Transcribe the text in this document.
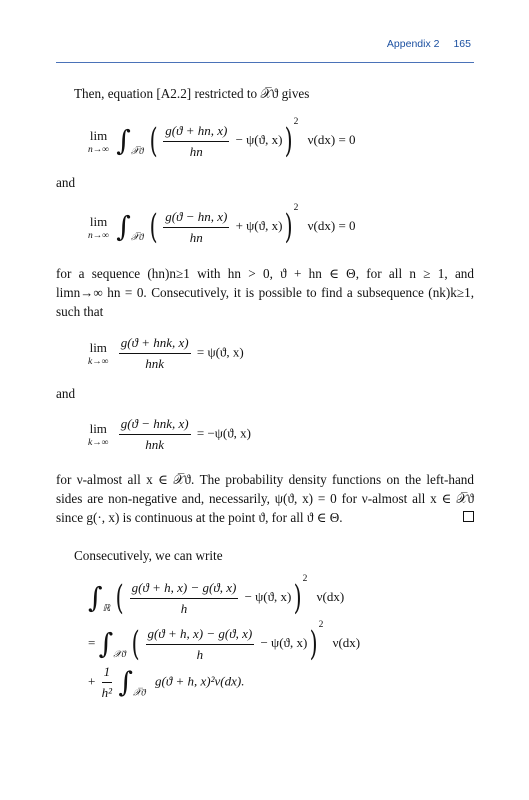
Appendix 2 165
Then, equation [A2.2] restricted to 𝒳̅ϑ gives
lim
n→∞ $\int_{𝒳̅ϑ}$ ( $\frac{g(ϑ + hn, x)}{hn} - \psi(ϑ$, x))$^2$ ν(dx) = 0
and
lim
n→∞ $\int_{𝒳̅ϑ}$ ( $\frac{g(ϑ - hn, x)}{hn} + \psi(ϑ$, x))$^2$ ν(dx) = 0
for a sequence (hn)n≥1 with hn > 0, ϑ + hn ∈ Θ, for all n ≥ 1, and
limn→∞ hn = 0. Consecutively, it is possible to find a subsequence (nk)k≥1,
such that
lim
k→∞
$\frac{\text{g(ϑ + hnk, x)}}{\text{hnk}} = \psi(ϑ$, x)
and
lim
k→∞
$\frac{\text{g(ϑ − hnk, x)}}{\text{hnk}} = -\psi(ϑ$, x)
for ν-almost all x ∈ 𝒳̅ϑ. The probability density functions on the left-hand
sides are non-negative and, necessarily, ψ(ϑ, x) = 0 for ν-almost all x ∈ 𝒳̅ϑ
since g(·, x) is continuous at the point ϑ, for all ϑ ∈ Θ.
Consecutively, we can write
$\int_ℝ$ ( $\frac{g(ϑ + h, x) - g(ϑ, x)}{h} - \psi(ϑ$, x))$^2$ ν(dx)
= $\int_{𝒳ϑ}$ ( $\frac{g(ϑ + h, x) - g(ϑ, x)}{h} - \psi(ϑ$, x))$^2$ ν(dx)
+ $\frac{1}{\text{h²}} \int_{𝒳̅ϑ}$ g(ϑ + h, x)²ν(dx).
